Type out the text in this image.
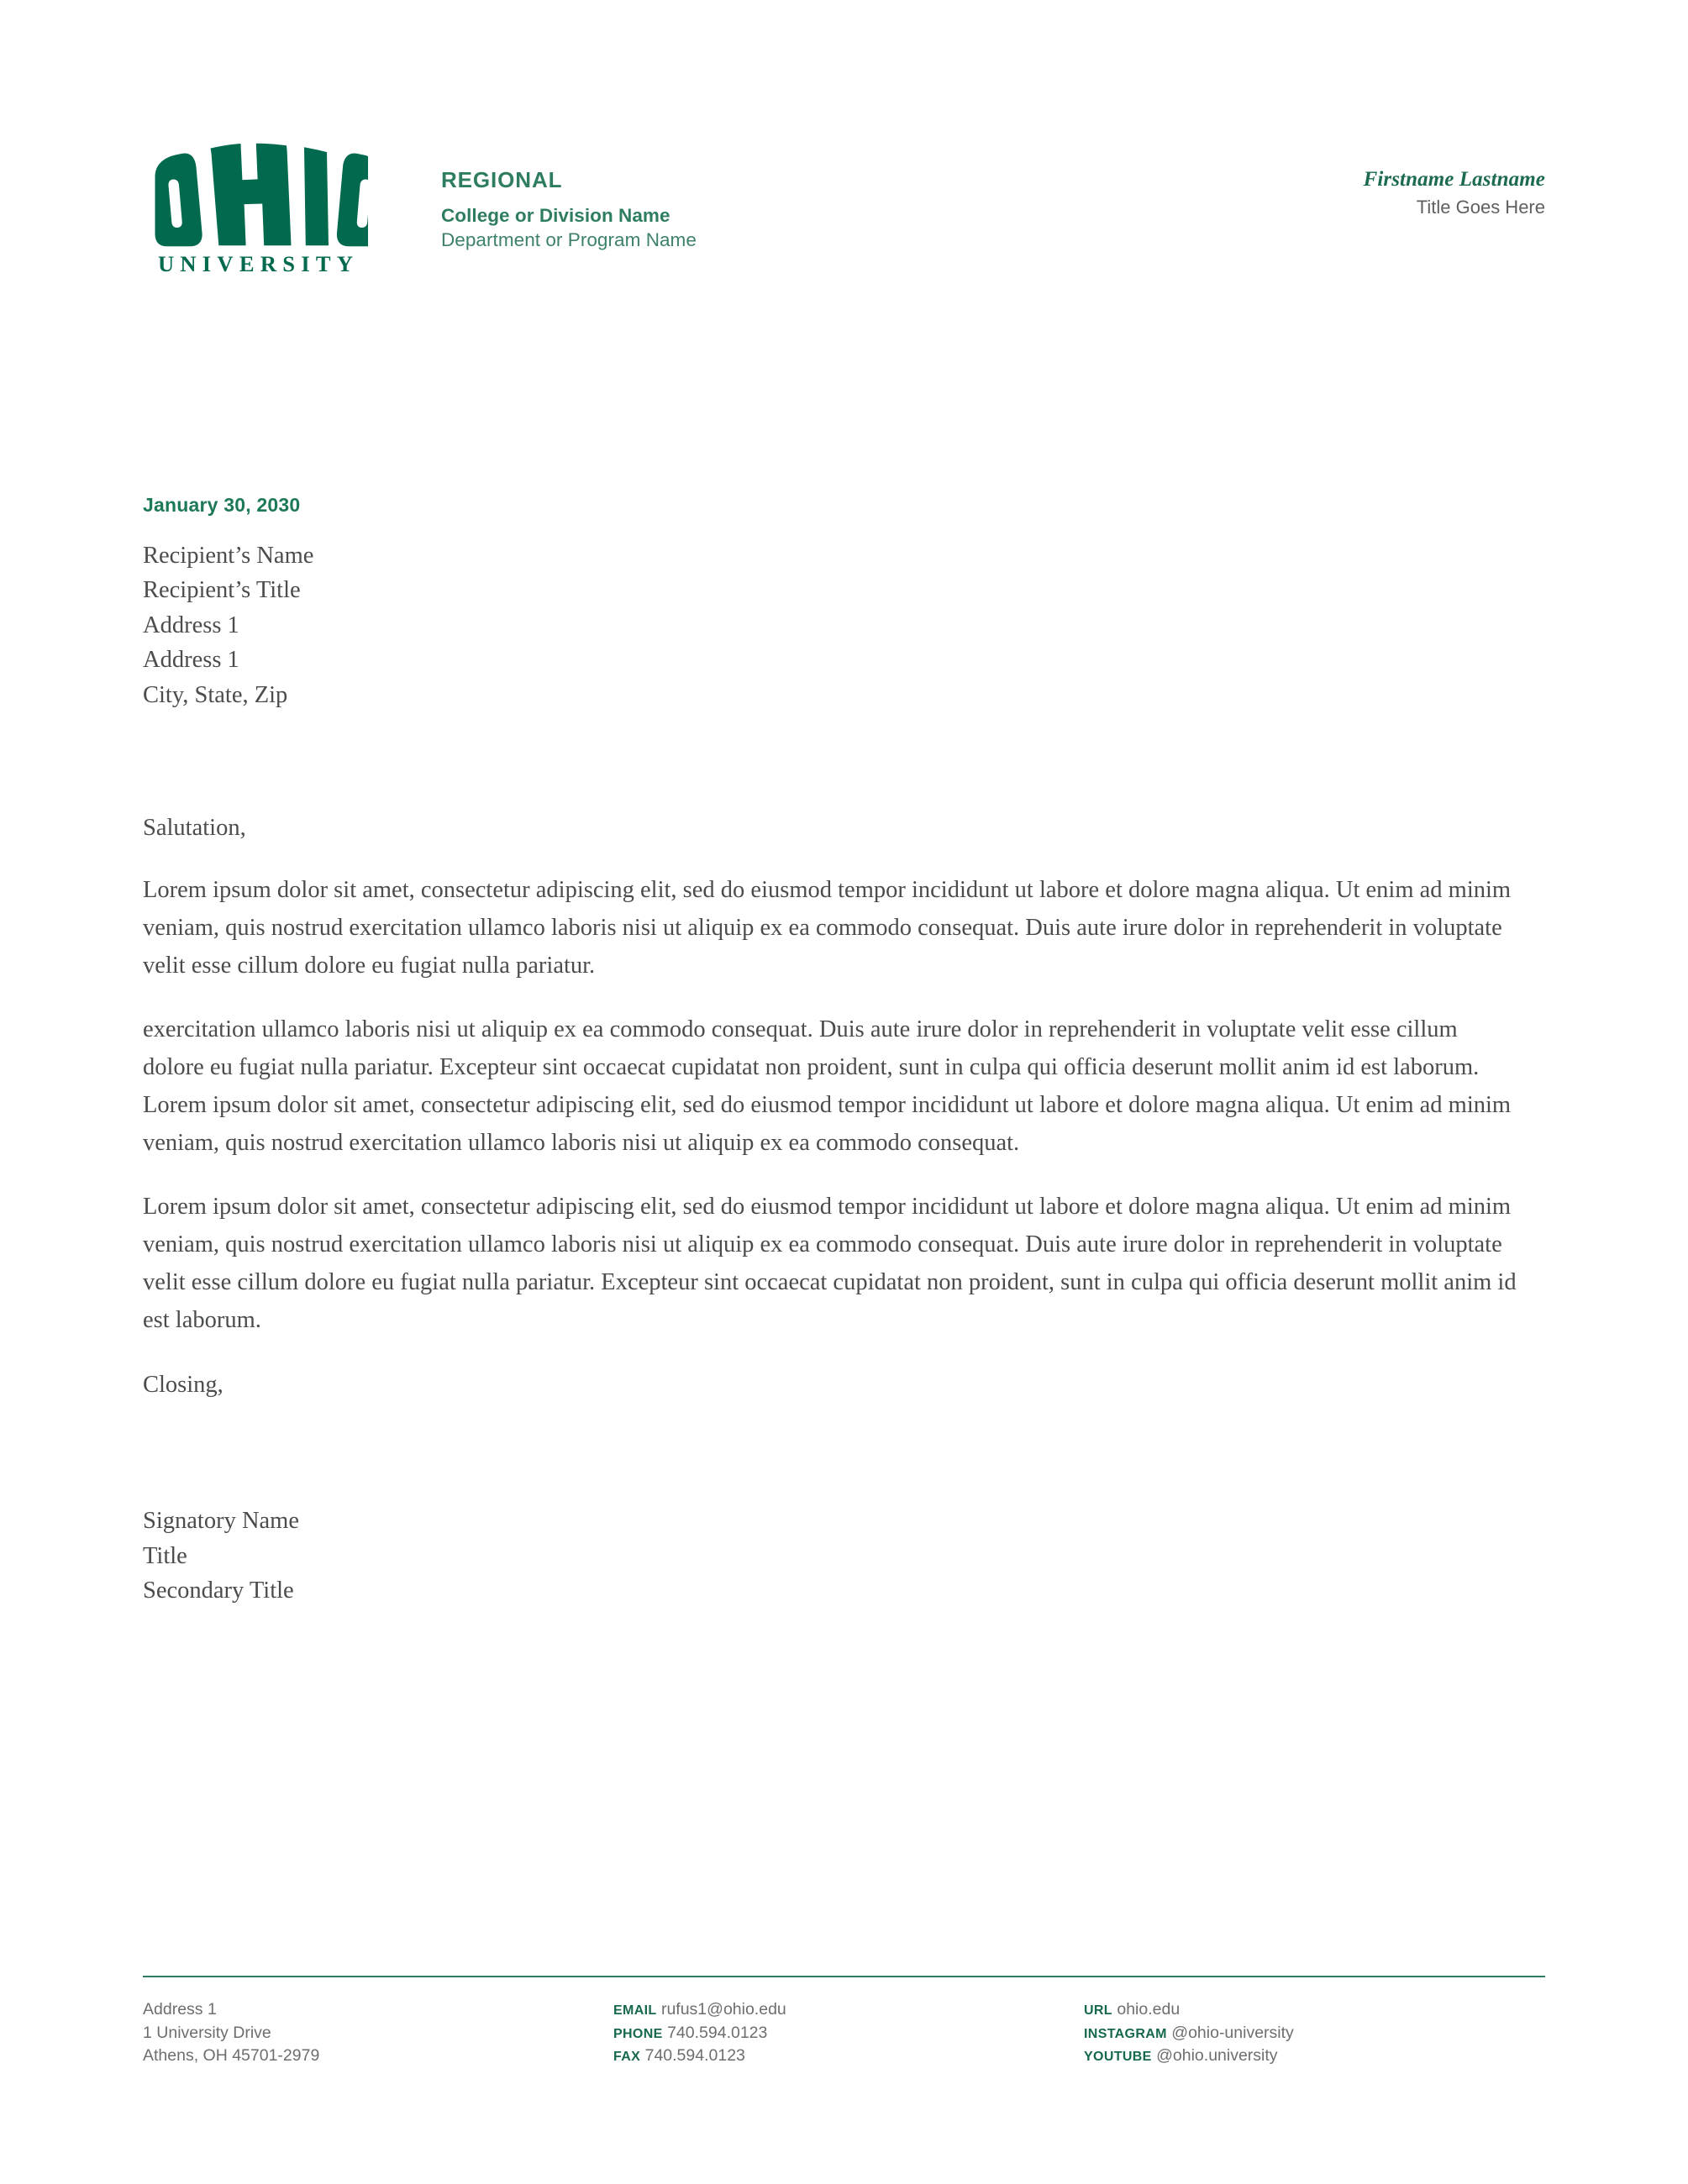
UNIVERSITY
REGIONAL
College or Division Name
Department or Program Name
Firstname Lastname
Title Goes Here
January 30, 2030
Recipient’s Name
Recipient’s Title
Address 1
Address 1
City, State, Zip
Salutation,

Lorem ipsum dolor sit amet, consectetur adipiscing elit, sed do eiusmod tempor incididunt ut labore et dolore magna aliqua. Ut enim ad minim veniam, quis nostrud exercitation ullamco laboris nisi ut aliquip ex ea commodo consequat. Duis aute irure dolor in reprehenderit in voluptate velit esse cillum dolore eu fugiat nulla pariatur.

exercitation ullamco laboris nisi ut aliquip ex ea commodo consequat. Duis aute irure dolor in reprehenderit in voluptate velit esse cillum dolore eu fugiat nulla pariatur. Excepteur sint occaecat cupidatat non proident, sunt in culpa qui officia deserunt mollit anim id est laborum. Lorem ipsum dolor sit amet, consectetur adipiscing elit, sed do eiusmod tempor incididunt ut labore et dolore magna aliqua. Ut enim ad minim veniam, quis nostrud exercitation ullamco laboris nisi ut aliquip ex ea commodo consequat.

Lorem ipsum dolor sit amet, consectetur adipiscing elit, sed do eiusmod tempor incididunt ut labore et dolore magna aliqua. Ut enim ad minim veniam, quis nostrud exercitation ullamco laboris nisi ut aliquip ex ea commodo consequat. Duis aute irure dolor in reprehenderit in voluptate velit esse cillum dolore eu fugiat nulla pariatur. Excepteur sint occaecat cupidatat non proident, sunt in culpa qui officia deserunt mollit anim id est laborum.

Closing,
Signatory Name
Title
Secondary Title
Address 1
1 University Drive
Athens, OH 45701-2979
EMAIL rufus1@ohio.edu
PHONE 740.594.0123
FAX 740.594.0123
URL ohio.edu
INSTAGRAM @ohio-university
YOUTUBE @ohio.university
